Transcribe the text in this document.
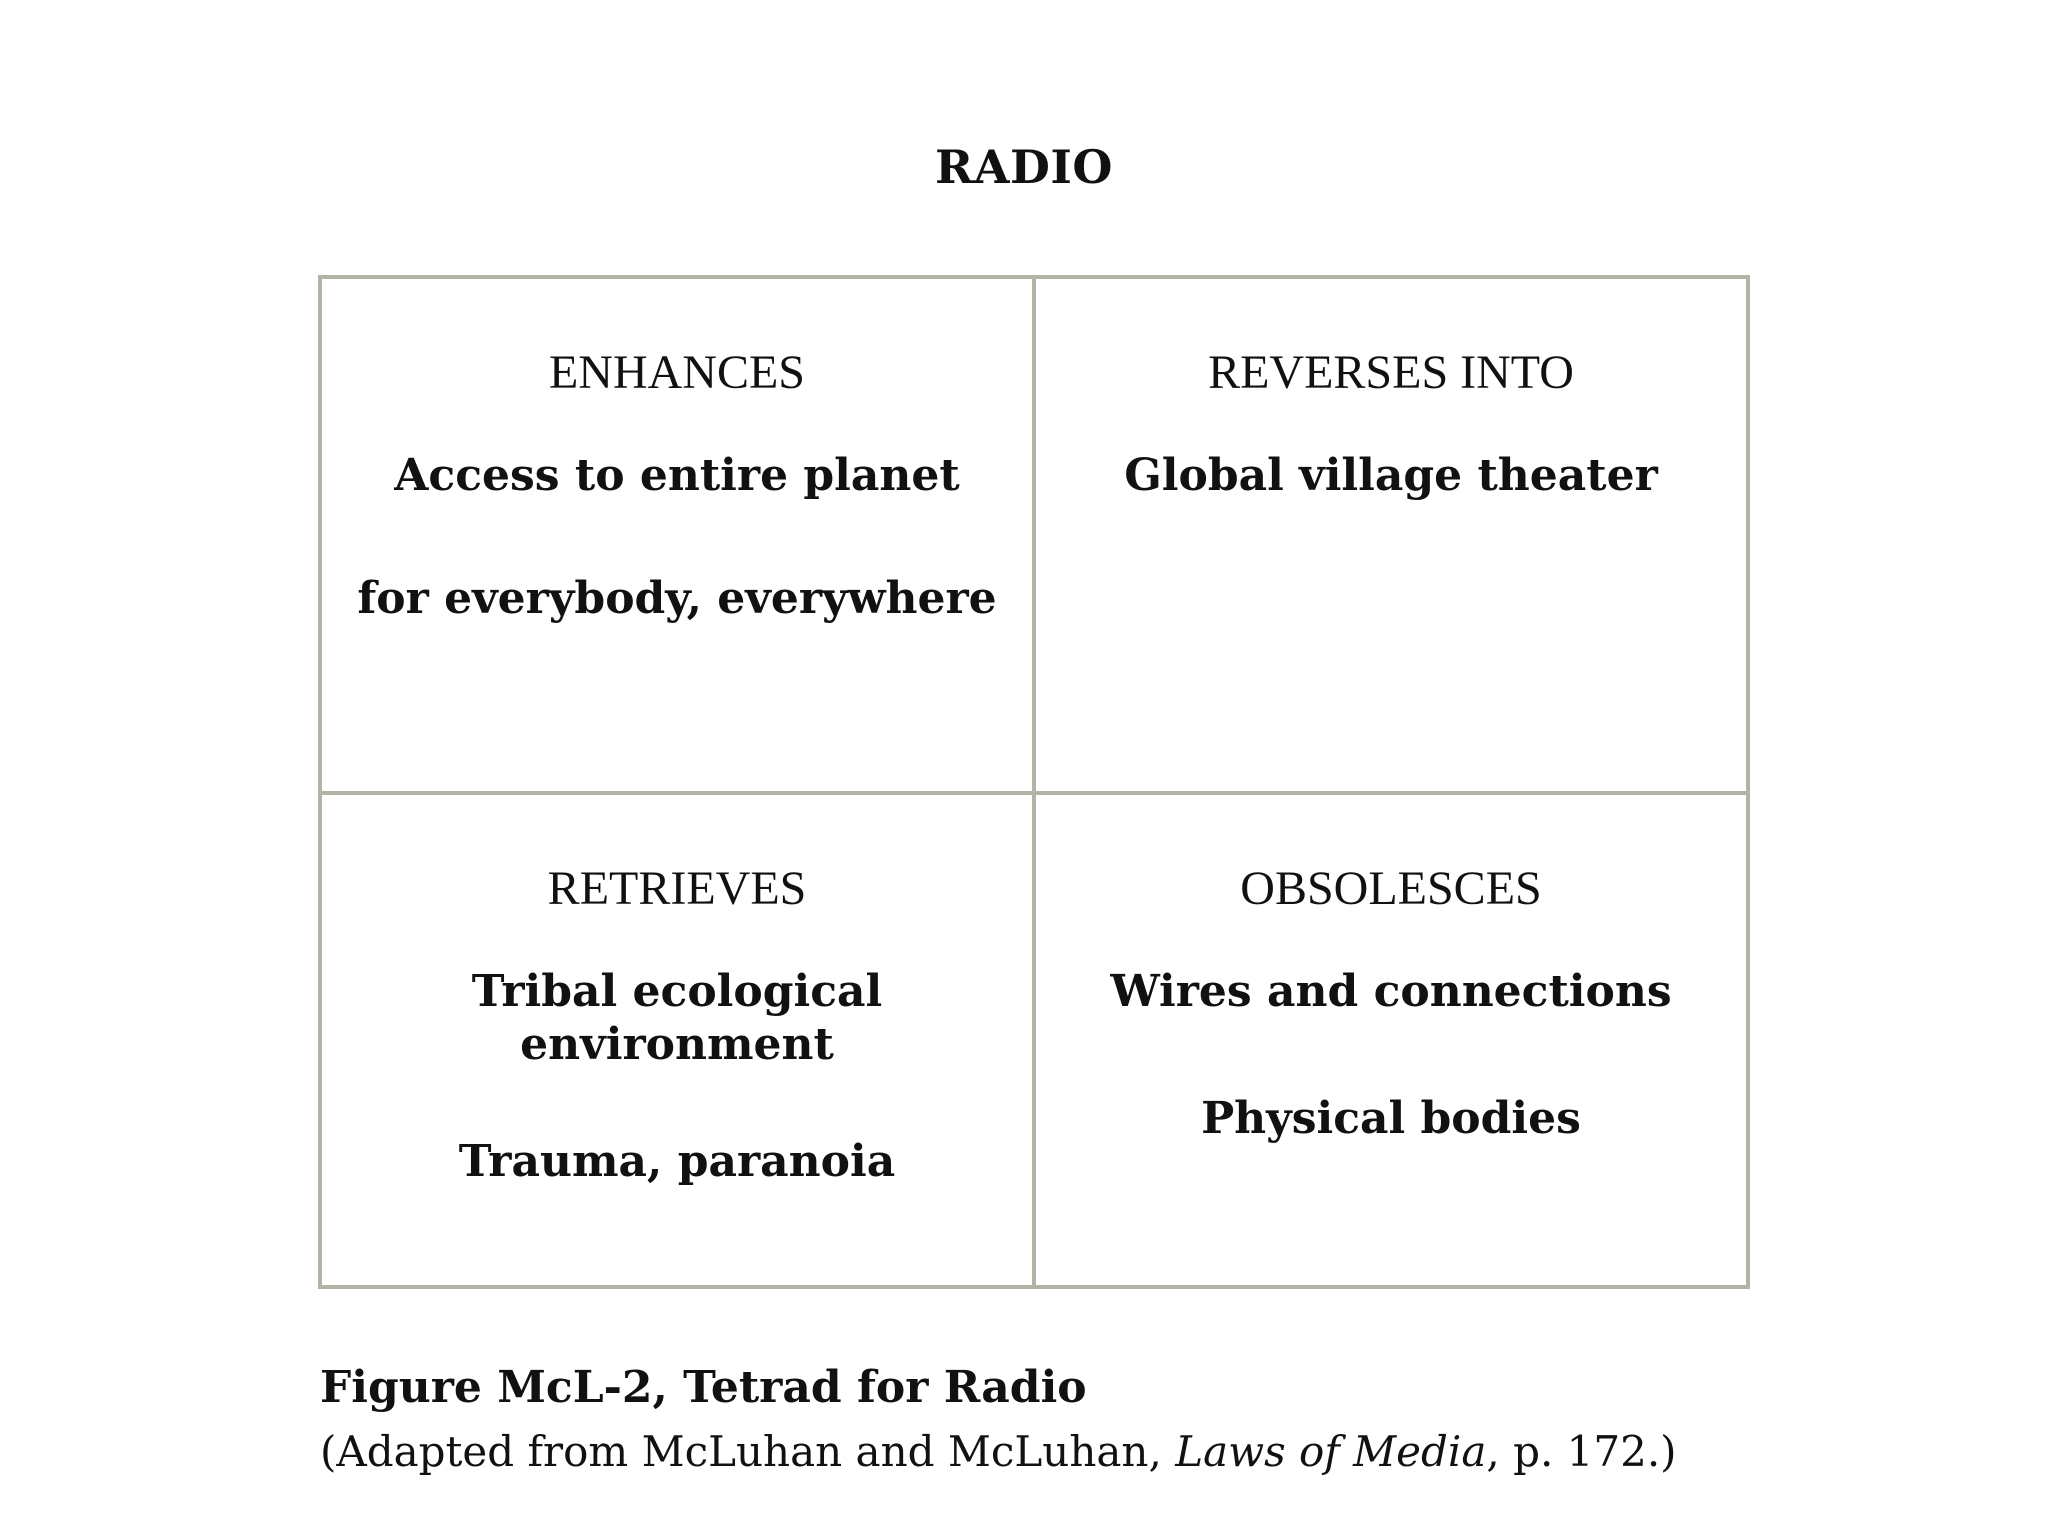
RADIO

ENHANCES

Access to entire planet

for everybody, everywhere

REVERSES INTO

Global village theater

RETRIEVES

Tribal ecological environment

Trauma, paranoia

OBSOLESCES

Wires and connections

Physical bodies

Figure McL-2, Tetrad for Radio

(Adapted from McLuhan and McLuhan, Laws of Media, p. 172.)
